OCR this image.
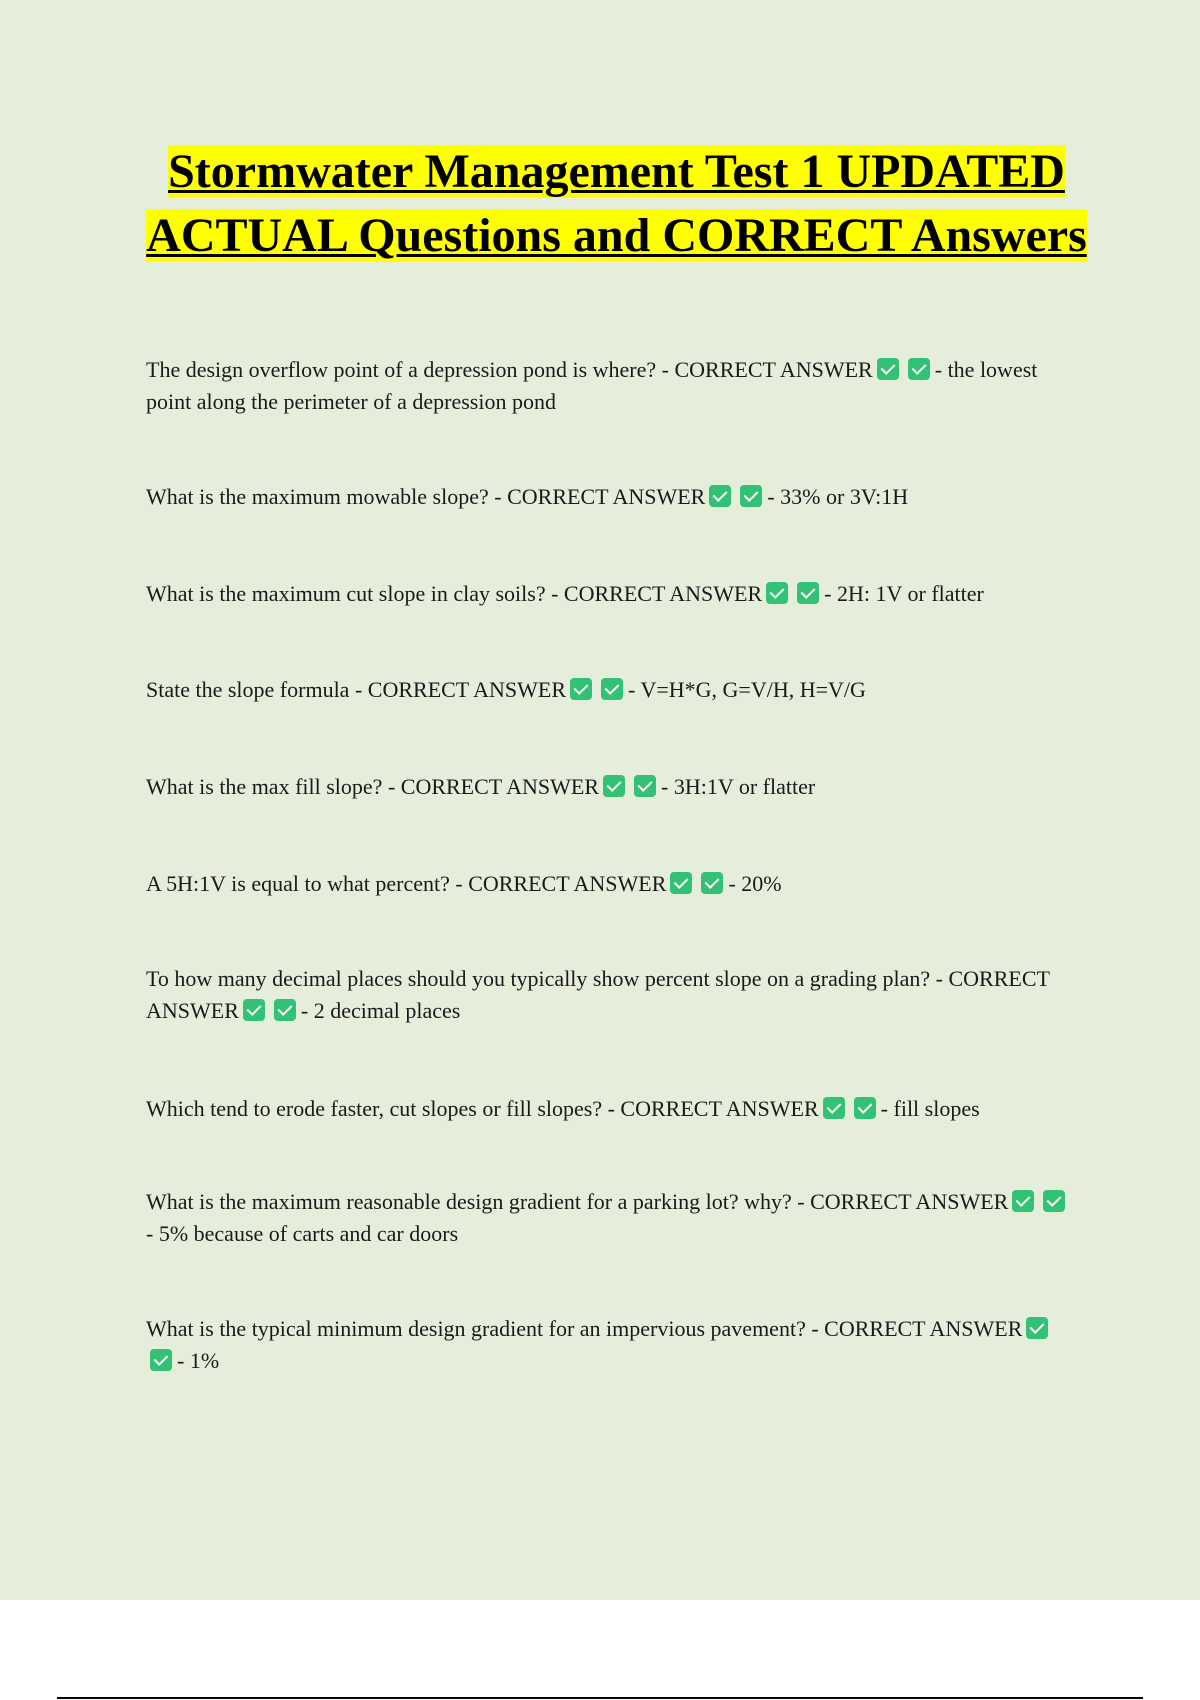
Stormwater Management Test 1 UPDATED ACTUAL Questions and CORRECT Answers
The design overflow point of a depression pond is where? - CORRECT ANSWER	- the lowest point along the perimeter of a depression pond
What is the maximum mowable slope? - CORRECT ANSWER	- 33% or 3V:1H
What is the maximum cut slope in clay soils? - CORRECT ANSWER	- 2H: 1V or flatter
State the slope formula - CORRECT ANSWER	- V=H*G, G=V/H, H=V/G
What is the max fill slope? - CORRECT ANSWER	- 3H:1V or flatter
A 5H:1V is equal to what percent? - CORRECT ANSWER	- 20%
To how many decimal places should you typically show percent slope on a grading plan? - CORRECT ANSWER	- 2 decimal places
Which tend to erode faster, cut slopes or fill slopes? - CORRECT ANSWER	- fill slopes
What is the maximum reasonable design gradient for a parking lot? why? - CORRECT ANSWER- 5% because of carts and car doors
What is the typical minimum design gradient for an impervious pavement? - CORRECT ANSWER- 1%
